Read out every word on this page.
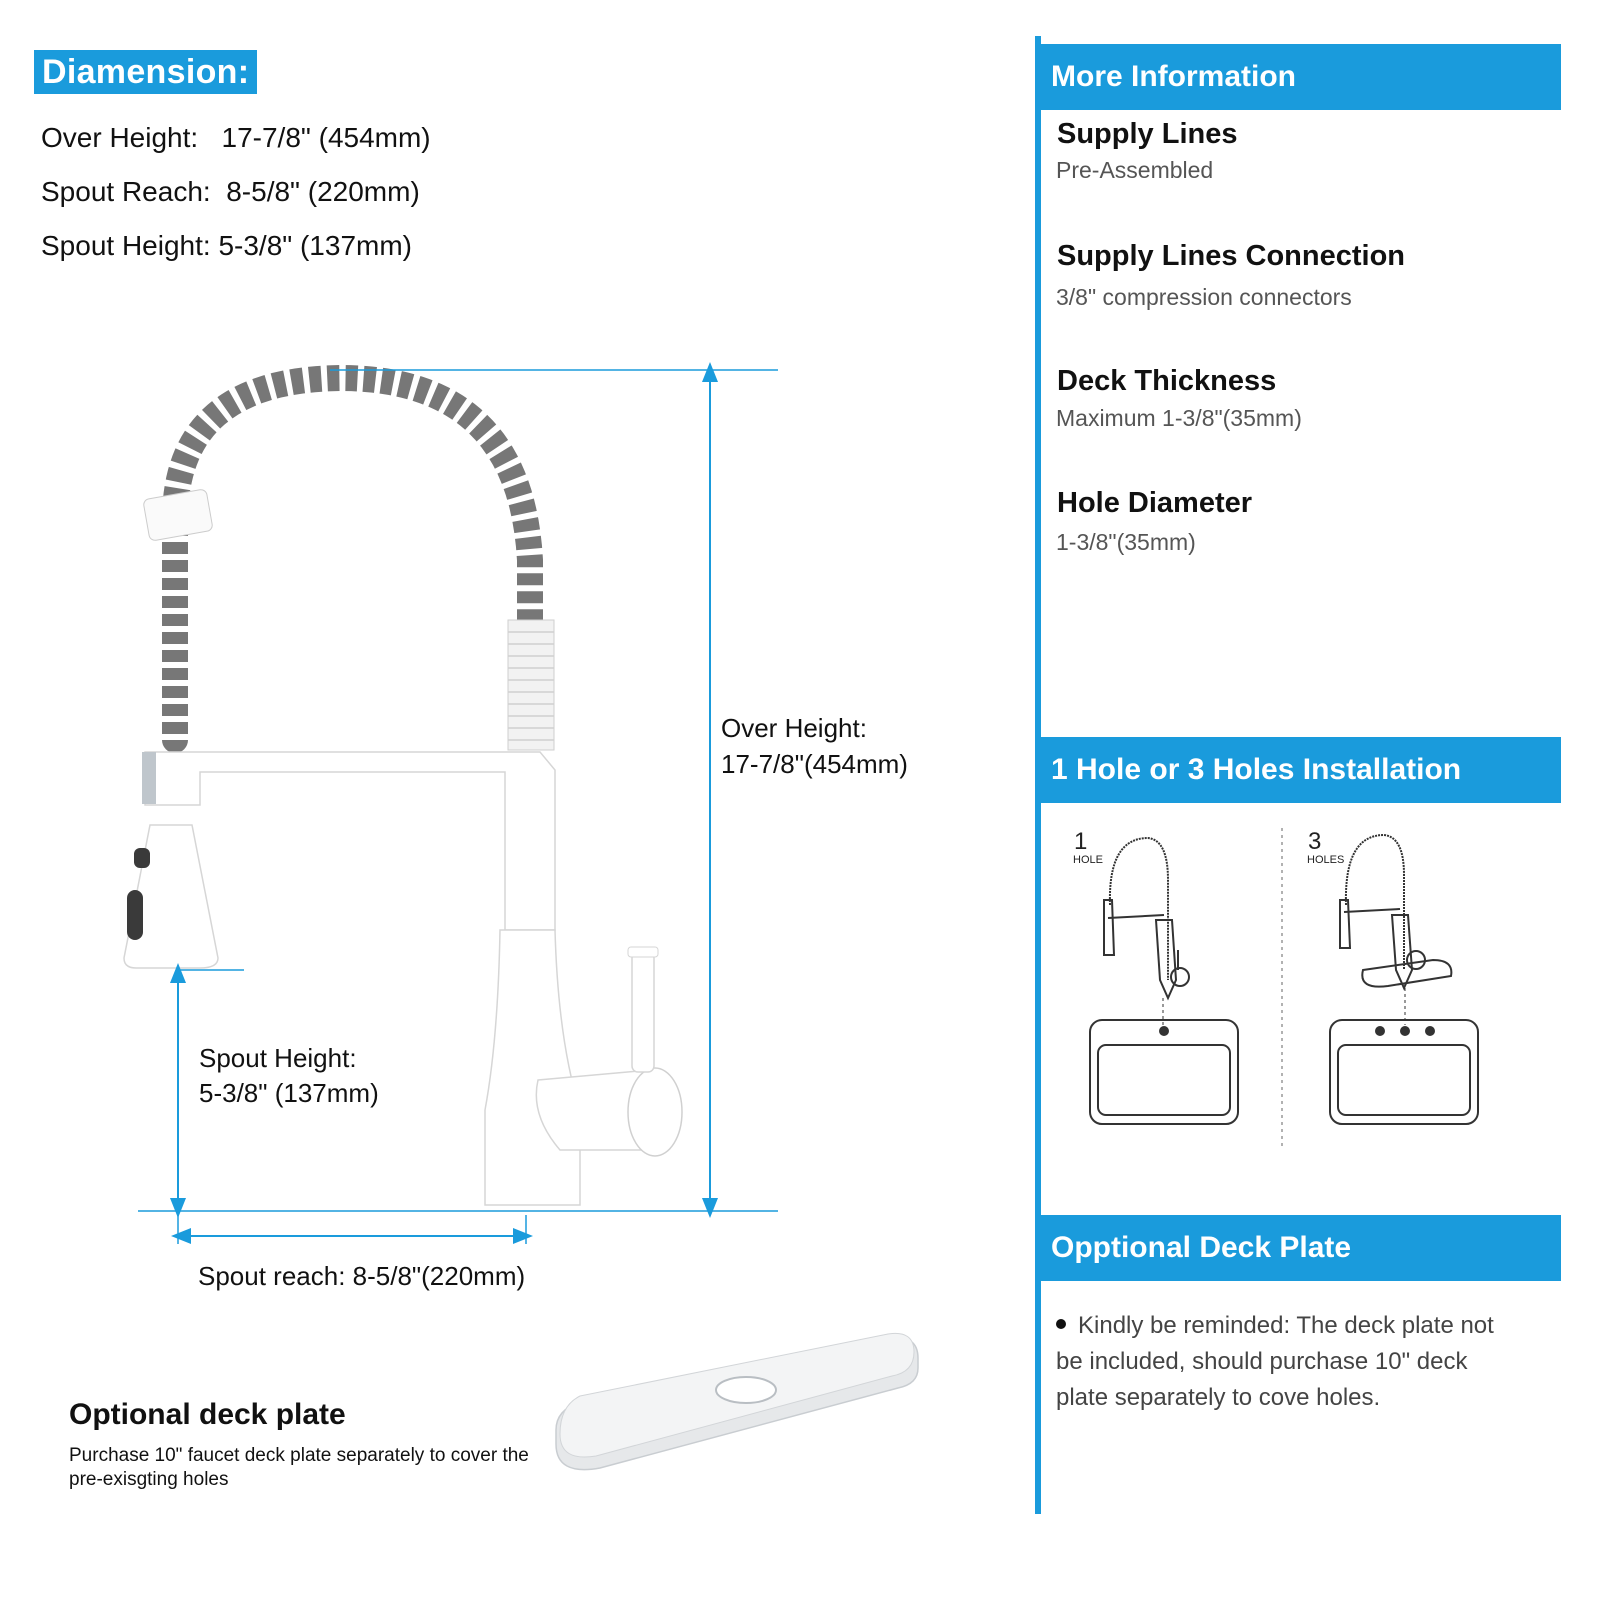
Diamension:
Over Height:   17-7/8" (454mm)
Spout Reach:  8-5/8" (220mm)
Spout Height: 5-3/8" (137mm)
Over Height:
17-7/8"(454mm)
Spout Height:
5-3/8" (137mm)
Spout reach: 8-5/8"(220mm)
Optional deck plate
Purchase 10" faucet deck plate separately to cover the pre-exisgting holes
More Information
Supply Lines
Pre-Assembled
Supply Lines Connection
3/8" compression connectors
Deck Thickness
Maximum 1-3/8"(35mm)
Hole Diameter
1-3/8"(35mm)
1 Hole or 3 Holes Installation
1
HOLE
3
HOLES
Opptional Deck Plate
Kindly be reminded: The deck plate not be included, should purchase 10" deck plate separately to cove holes.
